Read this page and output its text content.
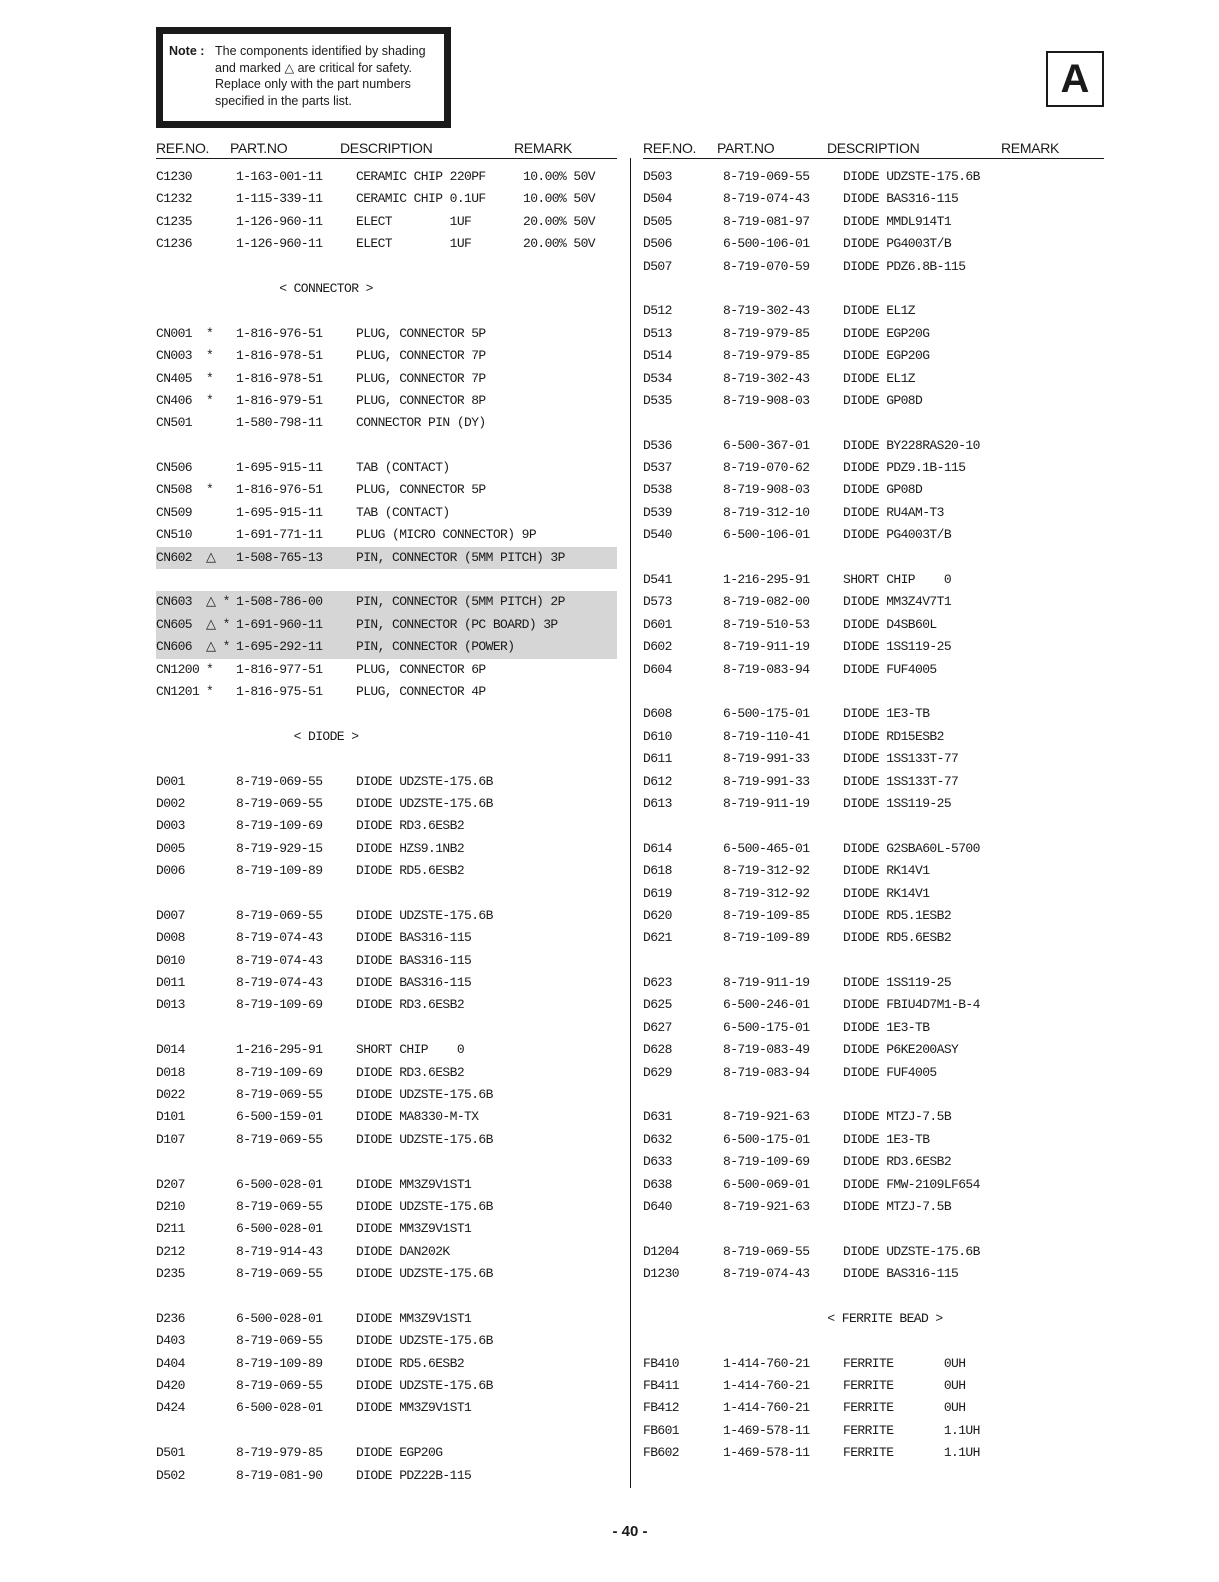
Note : The components identified by shading
and marked △ are critical for safety.
Replace only with the part numbers
specified in the parts list.	A
REF.NO. PART.NO	DESCRIPTION	REMARK	REF.NO. PART.NO	DESCRIPTION	REMARK
C1230	1-163-001-11	CERAMIC CHIP 220PF	10.00% 50V
C1232	1-115-339-11	CERAMIC CHIP 0.1UF	10.00% 50V
C1235	1-126-960-11	ELECT        1UF	20.00% 50V
C1236	1-126-960-11	ELECT        1UF	20.00% 50V
< CONNECTOR >
CN001 * 1-816-976-51	PLUG, CONNECTOR 5P
CN003 * 1-816-978-51	PLUG, CONNECTOR 7P
CN405 * 1-816-978-51	PLUG, CONNECTOR 7P
CN406 * 1-816-979-51	PLUG, CONNECTOR 8P
CN501	1-580-798-11	CONNECTOR PIN (DY)
CN506	1-695-915-11	TAB (CONTACT)
CN508 * 1-816-976-51	PLUG, CONNECTOR 5P
CN509	1-695-915-11	TAB (CONTACT)
CN510	1-691-771-11	PLUG (MICRO CONNECTOR) 9P
CN602 △ 1-508-765-13	PIN, CONNECTOR (5MM PITCH) 3P
CN603 △ * 1-508-786-00	PIN, CONNECTOR (5MM PITCH) 2P
CN605 △ * 1-691-960-11	PIN, CONNECTOR (PC BOARD) 3P
CN606 △ * 1-695-292-11	PIN, CONNECTOR (POWER)
CN1200 * 1-816-977-51	PLUG, CONNECTOR 6P
CN1201 * 1-816-975-51	PLUG, CONNECTOR 4P
< DIODE >
D001	8-719-069-55	DIODE UDZSTE-175.6B
D002	8-719-069-55	DIODE UDZSTE-175.6B
D003	8-719-109-69	DIODE RD3.6ESB2
D005	8-719-929-15	DIODE HZS9.1NB2
D006	8-719-109-89	DIODE RD5.6ESB2
D007	8-719-069-55	DIODE UDZSTE-175.6B
D008	8-719-074-43	DIODE BAS316-115
D010	8-719-074-43	DIODE BAS316-115
D011	8-719-074-43	DIODE BAS316-115
D013	8-719-109-69	DIODE RD3.6ESB2
D014	1-216-295-91	SHORT CHIP    0
D018	8-719-109-69	DIODE RD3.6ESB2
D022	8-719-069-55	DIODE UDZSTE-175.6B
D101	6-500-159-01	DIODE MA8330-M-TX
D107	8-719-069-55	DIODE UDZSTE-175.6B
D207	6-500-028-01	DIODE MM3Z9V1ST1
D210	8-719-069-55	DIODE UDZSTE-175.6B
D211	6-500-028-01	DIODE MM3Z9V1ST1
D212	8-719-914-43	DIODE DAN202K
D235	8-719-069-55	DIODE UDZSTE-175.6B
D236	6-500-028-01	DIODE MM3Z9V1ST1
D403	8-719-069-55	DIODE UDZSTE-175.6B
D404	8-719-109-89	DIODE RD5.6ESB2
D420	8-719-069-55	DIODE UDZSTE-175.6B
D424	6-500-028-01	DIODE MM3Z9V1ST1
D501	8-719-979-85	DIODE EGP20G
D502	8-719-081-90	DIODE PDZ22B-115
D503	8-719-069-55	DIODE UDZSTE-175.6B
D504	8-719-074-43	DIODE BAS316-115
D505	8-719-081-97	DIODE MMDL914T1
D506	6-500-106-01	DIODE PG4003T/B
D507	8-719-070-59	DIODE PDZ6.8B-115
D512	8-719-302-43	DIODE EL1Z
D513	8-719-979-85	DIODE EGP20G
D514	8-719-979-85	DIODE EGP20G
D534	8-719-302-43	DIODE EL1Z
D535	8-719-908-03	DIODE GP08D
D536	6-500-367-01	DIODE BY228RAS20-10
D537	8-719-070-62	DIODE PDZ9.1B-115
D538	8-719-908-03	DIODE GP08D
D539	8-719-312-10	DIODE RU4AM-T3
D540	6-500-106-01	DIODE PG4003T/B
D541	1-216-295-91	SHORT CHIP    0
D573	8-719-082-00	DIODE MM3Z4V7T1
D601	8-719-510-53	DIODE D4SB60L
D602	8-719-911-19	DIODE 1SS119-25
D604	8-719-083-94	DIODE FUF4005
D608	6-500-175-01	DIODE 1E3-TB
D610	8-719-110-41	DIODE RD15ESB2
D611	8-719-991-33	DIODE 1SS133T-77
D612	8-719-991-33	DIODE 1SS133T-77
D613	8-719-911-19	DIODE 1SS119-25
D614	6-500-465-01	DIODE G2SBA60L-5700
D618	8-719-312-92	DIODE RK14V1
D619	8-719-312-92	DIODE RK14V1
D620	8-719-109-85	DIODE RD5.1ESB2
D621	8-719-109-89	DIODE RD5.6ESB2
D623	8-719-911-19	DIODE 1SS119-25
D625	6-500-246-01	DIODE FBIU4D7M1-B-4
D627	6-500-175-01	DIODE 1E3-TB
D628	8-719-083-49	DIODE P6KE200ASY
D629	8-719-083-94	DIODE FUF4005
D631	8-719-921-63	DIODE MTZJ-7.5B
D632	6-500-175-01	DIODE 1E3-TB
D633	8-719-109-69	DIODE RD3.6ESB2
D638	6-500-069-01	DIODE FMW-2109LF654
D640	8-719-921-63	DIODE MTZJ-7.5B
D1204	8-719-069-55	DIODE UDZSTE-175.6B
D1230	8-719-074-43	DIODE BAS316-115
< FERRITE BEAD >
FB410	1-414-760-21	FERRITE       0UH
FB411	1-414-760-21	FERRITE       0UH
FB412	1-414-760-21	FERRITE       0UH
FB601	1-469-578-11	FERRITE       1.1UH
FB602	1-469-578-11	FERRITE       1.1UH
- 40 -
